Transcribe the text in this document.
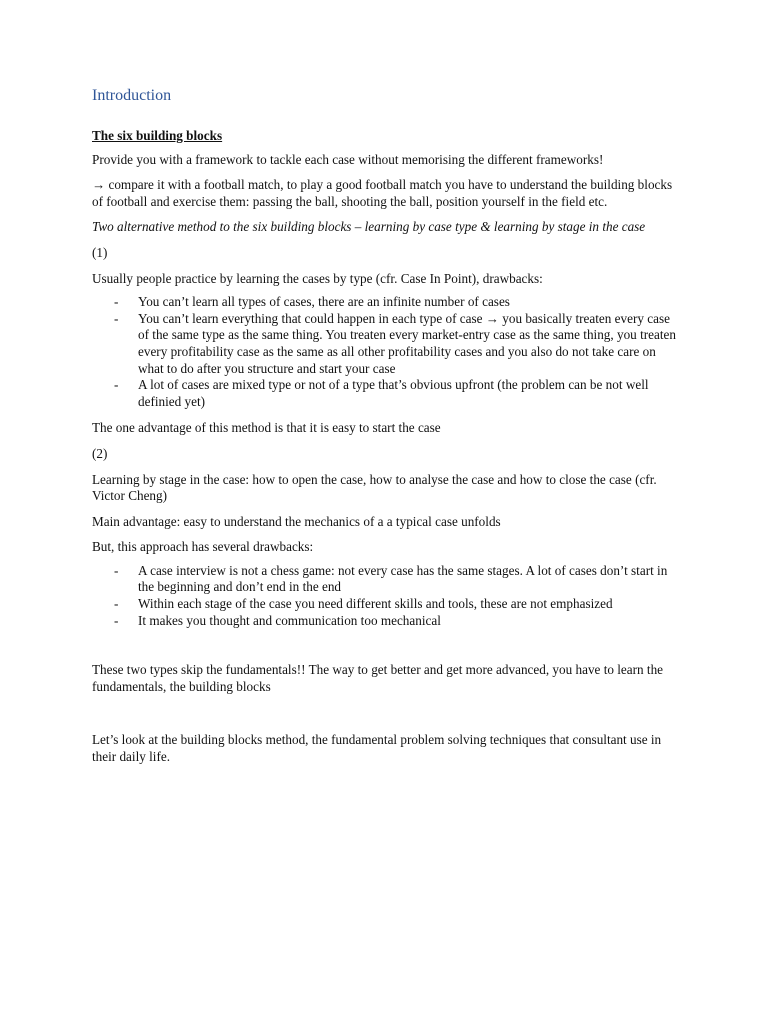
Introduction
The six building blocks

Provide you with a framework to tackle each case without memorising the different frameworks!

→ compare it with a football match, to play a good football match you have to understand the building blocks of football and exercise them: passing the ball, shooting the ball, position yourself in the field etc.

Two alternative method to the six building blocks – learning by case type & learning by stage in the case

(1)

Usually people practice by learning the cases by type (cfr. Case In Point), drawbacks:

- You can’t learn all types of cases, there are an infinite number of cases
- You can’t learn everything that could happen in each type of case → you basically treaten every case of the same type as the same thing. You treaten every market-entry case as the same thing, you treaten every profitability case as the same as all other profitability cases and you also do not take care on what to do after you structure and start your case
- A lot of cases are mixed type or not of a type that’s obvious upfront (the problem can be not well definied yet)

The one advantage of this method is that it is easy to start the case

(2)

Learning by stage in the case: how to open the case, how to analyse the case and how to close the case (cfr. Victor Cheng)

Main advantage: easy to understand the mechanics of a a typical case unfolds

But, this approach has several drawbacks:

- A case interview is not a chess game: not every case has the same stages. A lot of cases don’t start in the beginning and don’t end in the end
- Within each stage of the case you need different skills and tools, these are not emphasized
- It makes you thought and communication too mechanical

These two types skip the fundamentals!! The way to get better and get more advanced, you have to learn the fundamentals, the building blocks

Let’s look at the building blocks method, the fundamental problem solving techniques that consultant use in their daily life.
